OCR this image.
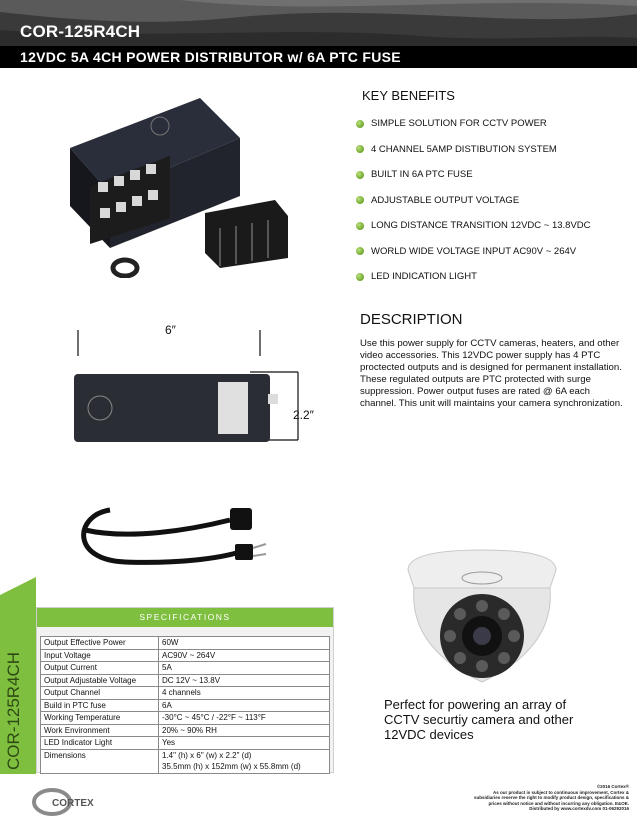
COR-125R4CH
12VDC 5A 4CH POWER DISTRIBUTOR w/ 6A PTC FUSE
6″
2.2″
KEY BENEFITS
SIMPLE SOLUTION FOR CCTV POWER
4 CHANNEL 5AMP DISTIBUTION SYSTEM
BUILT IN 6A PTC FUSE
ADJUSTABLE OUTPUT VOLTAGE
LONG DISTANCE TRANSITION 12VDC ~ 13.8VDC
WORLD WIDE VOLTAGE INPUT AC90V ~ 264V
LED INDICATION LIGHT
DESCRIPTION
Use this power supply for CCTV cameras, heaters, and other video accessories. This 12VDC power supply has 4 PTC proctected outputs and is designed for permanent installation. These regulated outputs are PTC protected with surge suppression. Power output fuses are rated @ 6A each channel. This unit will maintains your camera synchronization.
COR-125R4CH
SPECIFICATIONS
Output Effective Power	60W
Input Voltage	AC90V ~ 264V
Output Current	5A
Output Adjustable Voltage	DC 12V ~ 13.8V
Output Channel	4 channels
Build in PTC fuse	6A
Working Temperature	-30°C ~ 45°C / -22°F ~ 113°F
Work Environment	20% ~ 90% RH
LED Indicator Light	Yes
Dimensions	1.4" (h) x 6" (w) x 2.2" (d)
35.5mm (h) x 152mm (w) x 55.8mm (d)
Perfect for powering an array of CCTV securtiy camera and other 12VDC devices
CORTEX
©2016 Cortex®
As our product is subject to continuous improvement, Cortex &
subsidiaries reserve the right to modify product design, specifications &
prices without notice and without incurring any obligation. E&OE.
Distributed by www.cortexdv.com 01-06292016
